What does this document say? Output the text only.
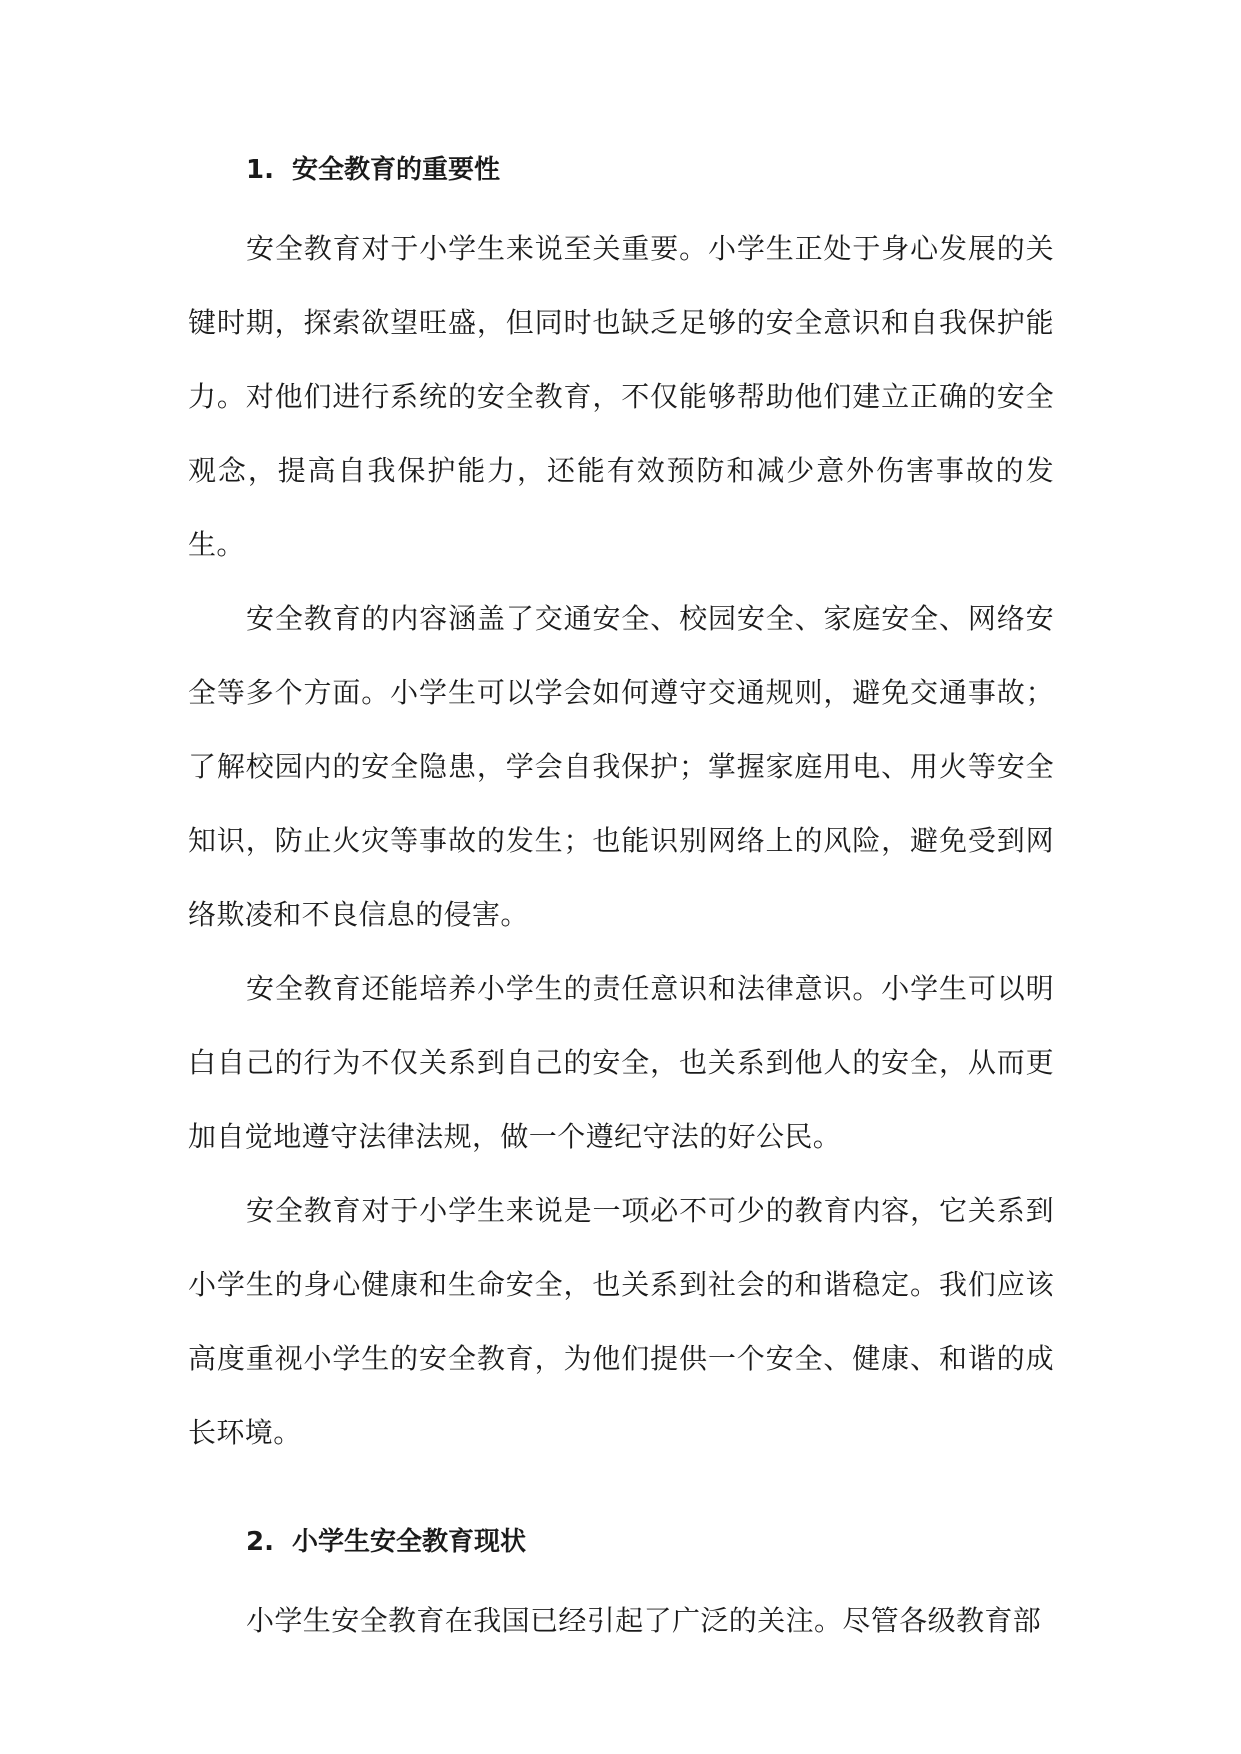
1. 安全教育的重要性

安全教育对于小学生来说至关重要。小学生正处于身心发展的关键时期，探索欲望旺盛，但同时也缺乏足够的安全意识和自我保护能力。对他们进行系统的安全教育，不仅能够帮助他们建立正确的安全观念，提高自我保护能力，还能有效预防和减少意外伤害事故的发生。

安全教育的内容涵盖了交通安全、校园安全、家庭安全、网络安全等多个方面。小学生可以学会如何遵守交通规则，避免交通事故；了解校园内的安全隐患，学会自我保护；掌握家庭用电、用火等安全知识，防止火灾等事故的发生；也能识别网络上的风险，避免受到网络欺凌和不良信息的侵害。

安全教育还能培养小学生的责任意识和法律意识。小学生可以明白自己的行为不仅关系到自己的安全，也关系到他人的安全，从而更加自觉地遵守法律法规，做一个遵纪守法的好公民。

安全教育对于小学生来说是一项必不可少的教育内容，它关系到小学生的身心健康和生命安全，也关系到社会的和谐稳定。我们应该高度重视小学生的安全教育，为他们提供一个安全、健康、和谐的成长环境。

2. 小学生安全教育现状

小学生安全教育在我国已经引起了广泛的关注。尽管各级教育部
